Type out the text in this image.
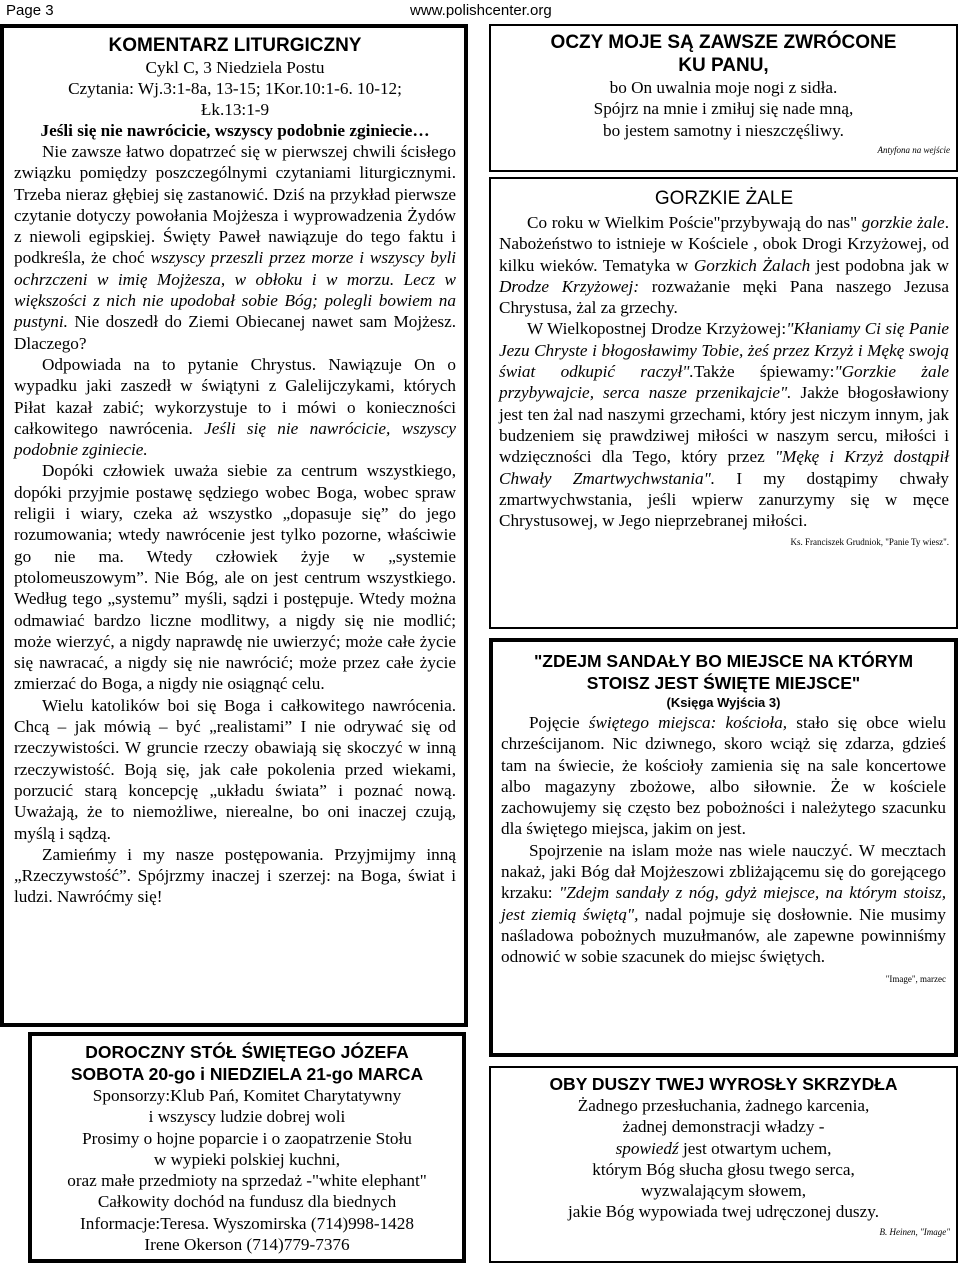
Page 3	www.polishcenter.org
KOMENTARZ LITURGICZNY
Cykl C, 3 Niedziela Postu
Czytania: Wj.3:1-8a, 13-15; 1Kor.10:1-6. 10-12;
Łk.13:1-9
Jeśli się nie nawrócicie, wszyscy podobnie zginiecie…

Nie zawsze łatwo dopatrzeć się w pierwszej chwili ścisłego związku pomiędzy poszczególnymi czytaniami liturgicznymi. Trzeba nieraz głębiej się zastanowić. Dziś na przykład pierwsze czytanie dotyczy powołania Mojżesza i wyprowadzenia Żydów z niewoli egipskiej. Święty Paweł nawiązuje do tego faktu i podkreśla, że choć wszyscy przeszli przez morze i wszyscy byli ochrzczeni w imię Mojżesza, w obłoku i w morzu. Lecz w większości z nich nie upodobał sobie Bóg; polegli bowiem na pustyni. Nie doszedł do Ziemi Obiecanej nawet sam Mojżesz. Dlaczego?

Odpowiada na to pytanie Chrystus. Nawiązuje On o wypadku jaki zaszedł w świątyni z Galelijczykami, których Piłat kazał zabić; wykorzystuje to i mówi o konieczności całkowitego nawrócenia. Jeśli się nie nawrócicie, wszyscy podobnie zginiecie.

Dopóki człowiek uważa siebie za centrum wszystkiego, dopóki przyjmie postawę sędziego wobec Boga, wobec spraw religii i wiary, czeka aż wszystko „dopasuje się” do jego rozumowania; wtedy nawrócenie jest tylko pozorne, właściwie go nie ma. Wtedy człowiek żyje w „systemie ptolomeuszowym”. Nie Bóg, ale on jest centrum wszystkiego. Według tego „systemu” myśli, sądzi i postępuje. Wtedy można odmawiać bardzo liczne modlitwy, a nigdy się nie modlić; może wierzyć, a nigdy naprawdę nie uwierzyć; może całe życie się nawracać, a nigdy się nie nawrócić; może przez całe życie zmierzać do Boga, a nigdy nie osiągnąć celu.

Wielu katolików boi się Boga i całkowitego nawrócenia. Chcą – jak mówią – być „realistami” I nie odrywać się od rzeczywistości. W gruncie rzeczy obawiają się skoczyć w inną rzeczywistość. Boją się, jak całe pokolenia przed wiekami, porzucić starą koncepcję „układu świata” i poznać nową. Uważają, że to niemożliwe, nierealne, bo oni inaczej czują, myślą i sądzą.

Zamieńmy i my nasze postępowania. Przyjmijmy inną „Rzeczywstość”. Spójrzmy inaczej i szerzej: na Boga, świat i ludzi. Nawróćmy się!

DOROCZNY STÓŁ ŚWIĘTEGO JÓZEFA
SOBOTA 20-go i NIEDZIELA 21-go MARCA
Sponsorzy:Klub Pań, Komitet Charytatywny
i wszyscy ludzie dobrej woli
Prosimy o hojne poparcie i o zaopatrzenie Stołu
w wypieki polskiej kuchni,
oraz małe przedmioty na sprzedaż -"white elephant"
Całkowity dochód na fundusz dla biednych
Informacje:Teresa. Wyszomirska (714)998-1428
Irene Okerson (714)779-7376
OCZY MOJE SĄ ZAWSZE ZWRÓCONE
KU PANU,
bo On uwalnia moje nogi z sidła.
Spójrz na mnie i zmiłuj się nade mną,
bo jestem samotny i nieszczęśliwy.

Antyfona na wejście

GORZKIE ŻALE

Co roku w Wielkim Poście"przybywają do nas" gorzkie żale. Nabożeństwo to istnieje w Kościele , obok Drogi Krzyżowej, od kilku wieków. Tematyka w Gorzkich Żalach jest podobna jak w Drodze Krzyżowej: rozważanie męki Pana naszego Jezusa Chrystusa, żal za grzechy.

W Wielkopostnej Drodze Krzyżowej:"Kłaniamy Ci się Panie Jezu Chryste i błogosławimy Tobie, żeś przez Krzyż i Mękę swoją świat odkupić raczył".Także śpiewamy:"Gorzkie żale przybywajcie, serca nasze przenikajcie". Jakże błogosławiony jest ten żal nad naszymi grzechami, który jest niczym innym, jak budzeniem się prawdziwej miłości w naszym sercu, miłości i wdzięczności dla Tego, który przez "Mękę i Krzyż dostąpił Chwały Zmartwychwstania". I my dostąpimy chwały zmartwychwstania, jeśli wpierw zanurzymy się w męce Chrystusowej, w Jego nieprzebranej miłości.

Ks. Franciszek Grudniok, "Panie Ty wiesz".

"ZDEJM SANDAŁY BO MIEJSCE NA KTÓRYM
STOISZ JEST ŚWIĘTE MIEJSCE"
(Księga Wyjścia 3)

Pojęcie świętego miejsca: kościoła, stało się obce wielu chrześcijanom. Nic dziwnego, skoro wciąż się zdarza, gdzieś tam na świecie, że kościoły zamienia się na sale koncertowe albo magazyny zbożowe, albo siłownie. Że w kościele zachowujemy się często bez pobożności i należytego szacunku dla świętego miejsca, jakim on jest.

Spojrzenie na islam może nas wiele nauczyć. W mecztach nakaż, jaki Bóg dał Mojżeszowi zbliżającemu się do gorejącego krzaku: "Zdejm sandały z nóg, gdyż miejsce, na którym stoisz, jest ziemią świętą", nadal pojmuje się dosłownie. Nie musimy naśladowa pobożnych muzułmanów, ale zapewne powinniśmy odnowić w sobie szacunek do miejsc świętych.

"Image", marzec

OBY DUSZY TWEJ WYROSŁY SKRZYDŁA
Żadnego przesłuchania, żadnego karcenia,
żadnej demonstracji władzy -
spowiedź jest otwartym uchem,
którym Bóg słucha głosu twego serca,
wyzwalającym słowem,
jakie Bóg wypowiada twej udręczonej duszy.

B. Heinen, "Image"
